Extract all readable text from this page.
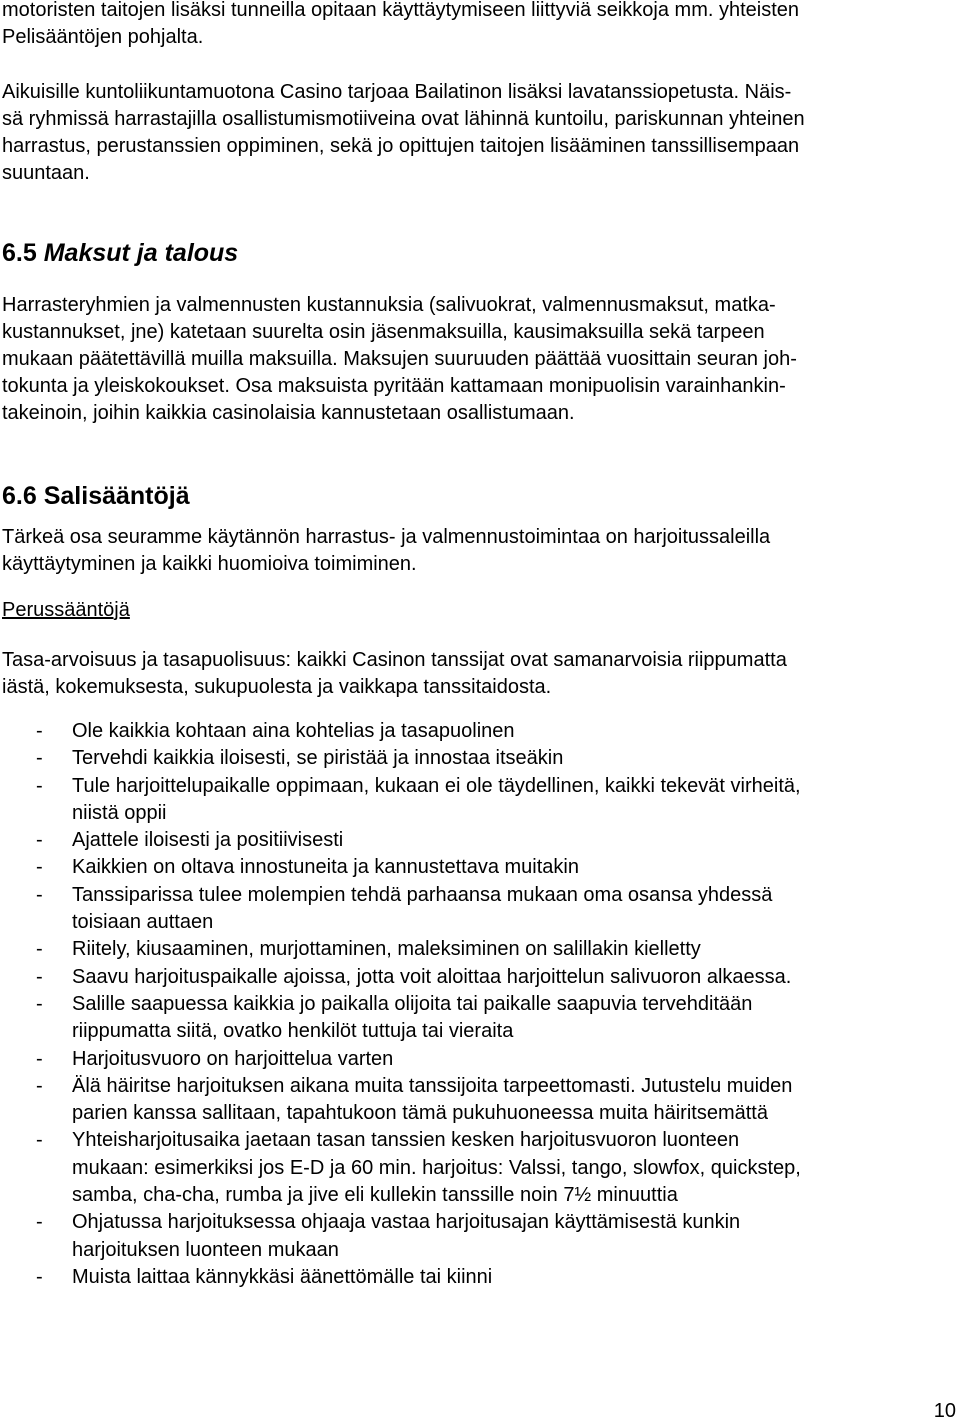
motoristen taitojen lisäksi tunneilla opitaan käyttäytymiseen liittyviä seikkoja mm. yhteisten

Pelisääntöjen pohjalta.

Aikuisille kuntoliikuntamuotona Casino tarjoaa Bailatinon lisäksi lavatanssiopetusta. Näis-

sä ryhmissä harrastajilla osallistumismotiiveina ovat lähinnä kuntoilu, pariskunnan yhteinen

harrastus, perustanssien oppiminen, sekä jo opittujen taitojen lisääminen tanssillisempaan

suuntaan.

6.5 Maksut ja talous

Harrasteryhmien ja valmennusten kustannuksia (salivuokrat, valmennusmaksut, matka-

kustannukset, jne) katetaan suurelta osin jäsenmaksuilla, kausimaksuilla sekä tarpeen

mukaan päätettävillä muilla maksuilla. Maksujen suuruuden päättää vuosittain seuran joh-

tokunta ja yleiskokoukset. Osa maksuista pyritään kattamaan monipuolisin varainhankin-

takeinoin, joihin kaikkia casinolaisia kannustetaan osallistumaan.

6.6 Salisääntöjä

Tärkeä osa seuramme käytännön harrastus- ja valmennustoimintaa on harjoitussaleilla

käyttäytyminen ja kaikki huomioiva toimiminen.

Perussääntöjä

Tasa-arvoisuus ja tasapuolisuus: kaikki Casinon tanssijat ovat samanarvoisia riippumatta

iästä, kokemuksesta, sukupuolesta ja vaikkapa tanssitaidosta.

- Ole kaikkia kohtaan aina kohtelias ja tasapuolinen
- Tervehdi kaikkia iloisesti, se piristää ja innostaa itseäkin
- Tule harjoittelupaikalle oppimaan, kukaan ei ole täydellinen, kaikki tekevät virheitä,
niistä oppii
- Ajattele iloisesti ja positiivisesti
- Kaikkien on oltava innostuneita ja kannustettava muitakin
- Tanssiparissa tulee molempien tehdä parhaansa mukaan oma osansa yhdessä
toisiaan auttaen
- Riitely, kiusaaminen, murjottaminen, maleksiminen on salillakin kielletty
- Saavu harjoituspaikalle ajoissa, jotta voit aloittaa harjoittelun salivuoron alkaessa.
- Salille saapuessa kaikkia jo paikalla olijoita tai paikalle saapuvia tervehditään
riippumatta siitä, ovatko henkilöt tuttuja tai vieraita
- Harjoitusvuoro on harjoittelua varten
- Älä häiritse harjoituksen aikana muita tanssijoita tarpeettomasti. Jutustelu muiden
parien kanssa sallitaan, tapahtukoon tämä pukuhuoneessa muita häiritsemättä
- Yhteisharjoitusaika jaetaan tasan tanssien kesken harjoitusvuoron luonteen
mukaan: esimerkiksi jos E-D ja 60 min. harjoitus: Valssi, tango, slowfox, quickstep,
samba, cha-cha, rumba ja jive eli kullekin tanssille noin 7½ minuuttia
- Ohjatussa harjoituksessa ohjaaja vastaa harjoitusajan käyttämisestä kunkin
harjoituksen luonteen mukaan
- Muista laittaa kännykkäsi äänettömälle tai kiinni
10
